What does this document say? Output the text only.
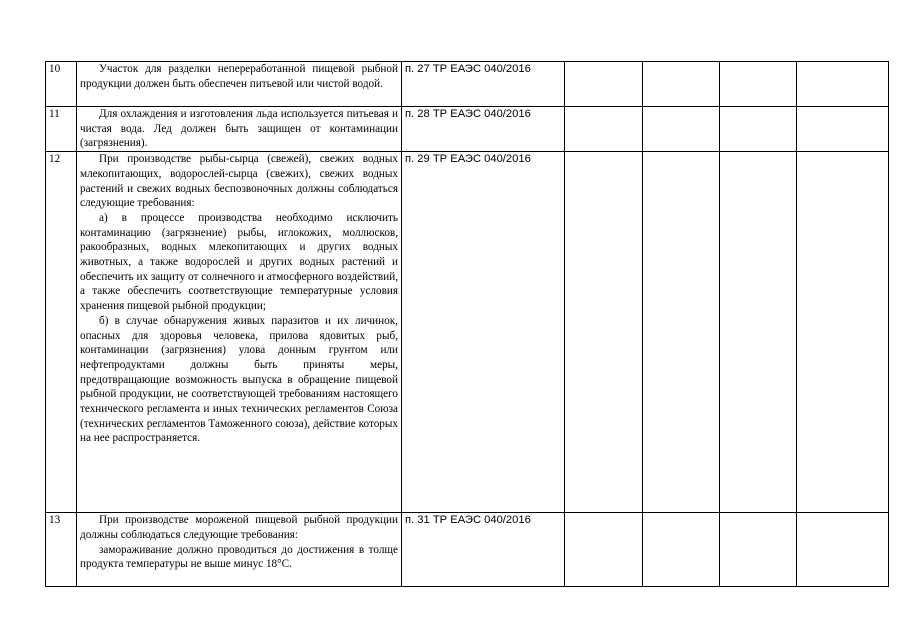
10	Участок для разделки непереработанной пищевой рыбной продукции должен быть обеспечен питьевой или чистой водой.	п. 27 ТР ЕАЭС 040/2016				
11	Для охлаждения и изготовления льда используется питьевая и чистая вода. Лед должен быть защищен от контаминации (загрязнения).	п. 28 ТР ЕАЭС 040/2016				
12	При производстве рыбы-сырца (свежей), свежих водных млекопитающих, водорослей-сырца (свежих), свежих водных растений и свежих водных беспозвоночных должны соблюдаться следующие требования:

а) в процессе производства необходимо исключить контаминацию (загрязнение) рыбы, иглокожих, моллюсков, ракообразных, водных млекопитающих и других водных животных, а также водорослей и других водных растений и обеспечить их защиту от солнечного и атмосферного воздействий, а также обеспечить соответствующие температурные условия хранения пищевой рыбной продукции;

б) в случае обнаружения живых паразитов и их личинок, опасных для здоровья человека, прилова ядовитых рыб, контаминации (загрязнения) улова донным грунтом или нефтепродуктами должны быть приняты меры, предотвращающие возможность выпуска в обращение пищевой рыбной продукции, не соответствующей требованиям настоящего технического регламента и иных технических регламентов Союза (технических регламентов Таможенного союза), действие которых на нее распространяется.	п. 29 ТР ЕАЭС 040/2016				
13	При производстве мороженой пищевой рыбной продукции должны соблюдаться следующие требования:

замораживание должно проводиться до достижения в толще продукта температуры не выше минус 18°С.	п. 31 ТР ЕАЭС 040/2016				
